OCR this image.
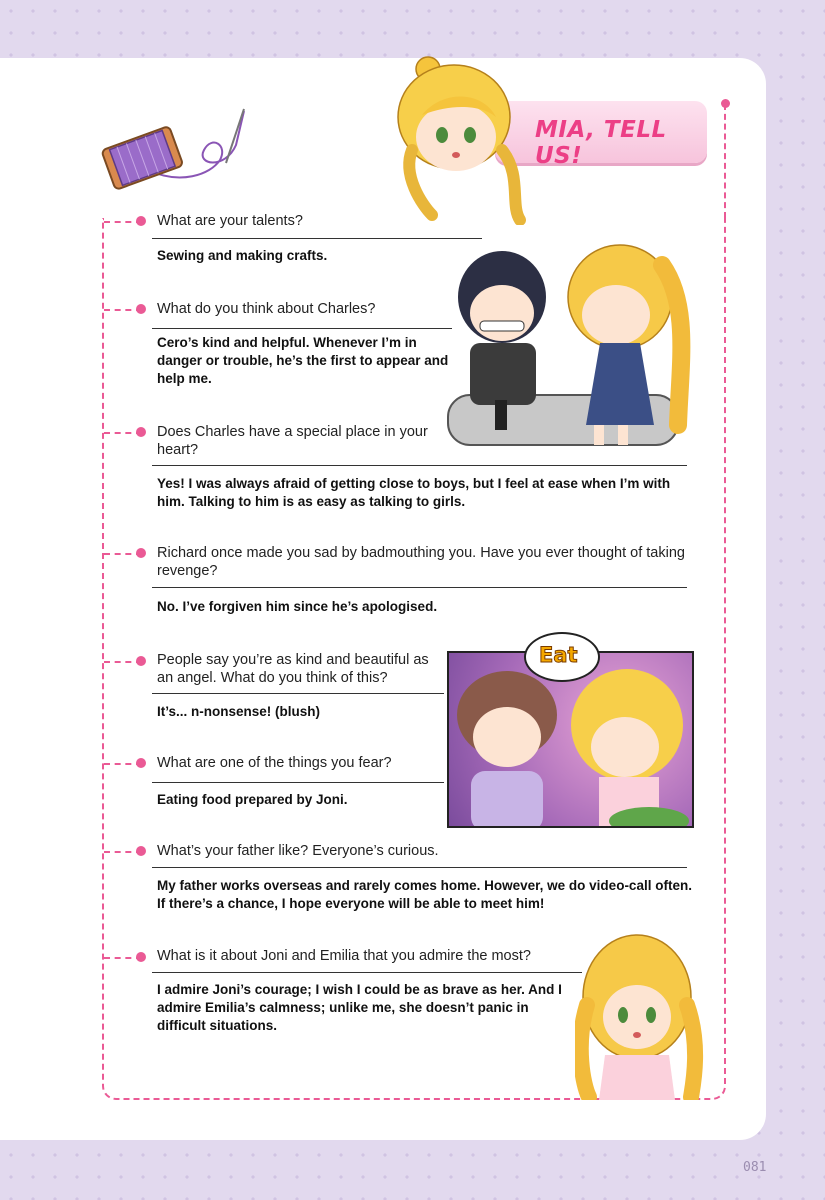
MIA, TELL US!
Eat
What are your talents?
Sewing and making crafts.
What do you think about Charles?
Cero’s kind and helpful. Whenever I’m in danger or trouble, he’s the first to appear and help me.
Does Charles have a special place in your heart?
Yes! I was always afraid of getting close to boys, but I feel at ease when I’m with him. Talking to him is as easy as talking to girls.
Richard once made you sad by badmouthing you. Have you ever thought of taking revenge?
No. I’ve forgiven him since he’s apologised.
People say you’re as kind and beautiful as an angel. What do you think of this?
It’s... n-nonsense! (blush)
What are one of the things you fear?
Eating food prepared by Joni.
What’s your father like? Everyone’s curious.
My father works overseas and rarely comes home. However, we do video-call often. If there’s a chance, I hope everyone will be able to meet him!
What is it about Joni and Emilia that you admire the most?
I admire Joni’s courage; I wish I could be as brave as her. And I admire Emilia’s calmness; unlike me, she doesn’t panic in difficult situations.
081
